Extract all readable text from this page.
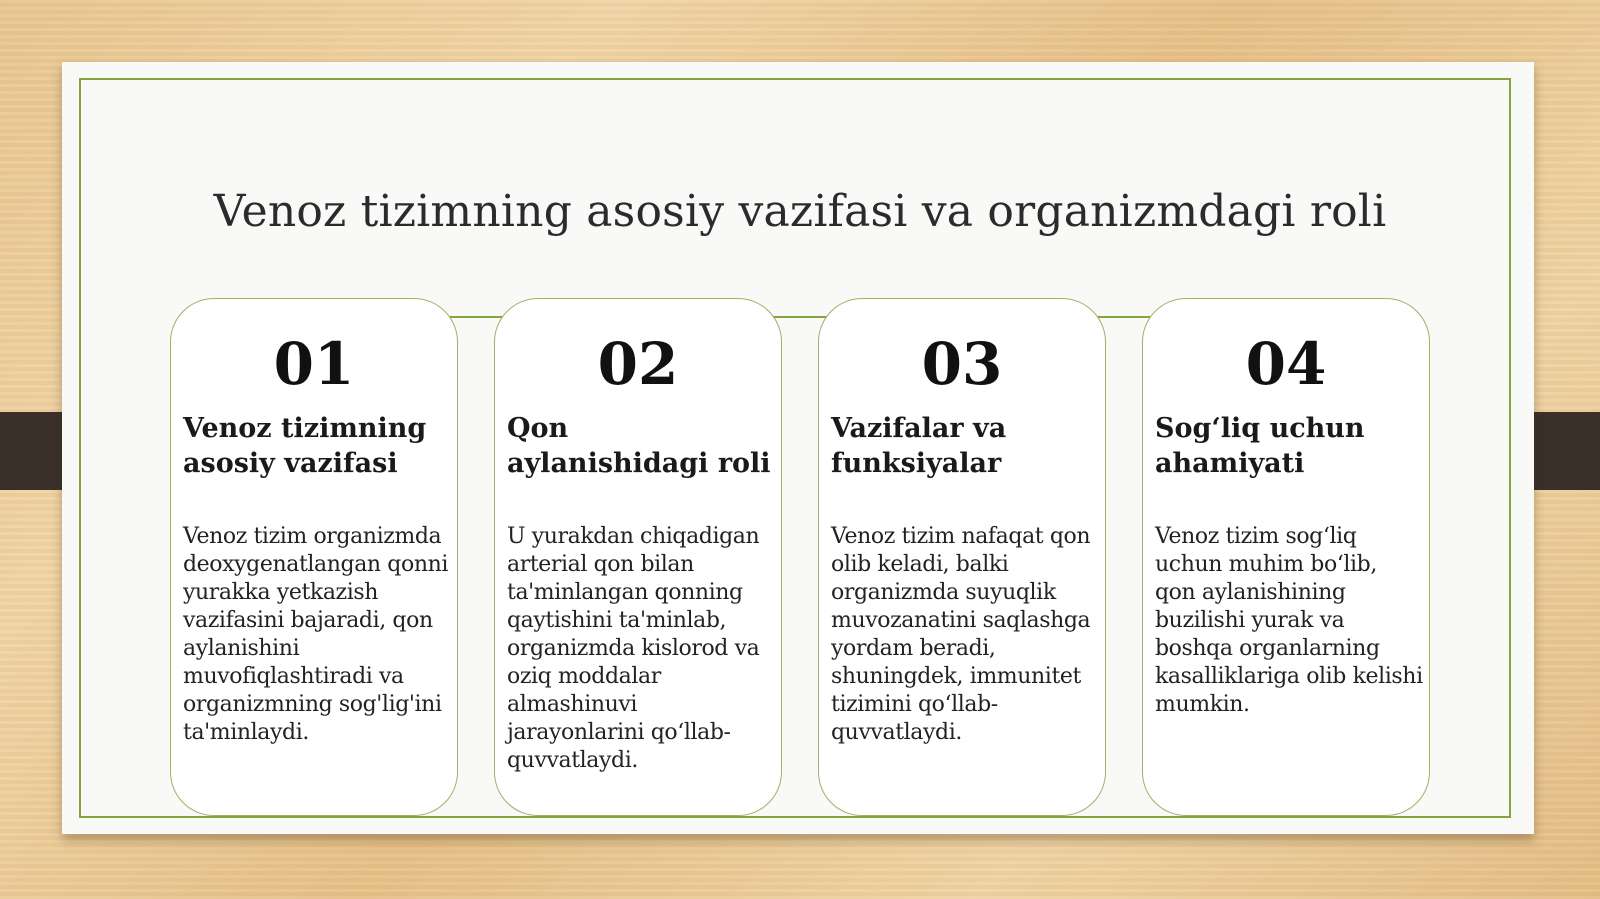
Venoz tizimning asosiy vazifasi va organizmdagi roli
01
Venoz tizimning asosiy vazifasi
Venoz tizim organizmda deoxygenatlangan qonni yurakka yetkazish vazifasini bajaradi, qon aylanishini muvofiqlashtiradi va organizmning sog'lig'ini ta'minlaydi.
02
Qon aylanishidagi roli
U yurakdan chiqadigan arterial qon bilan ta'minlangan qonning qaytishini ta'minlab, organizmda kislorod va oziq moddalar almashinuvi jarayonlarini qo‘llab-quvvatlaydi.
03
Vazifalar va funksiyalar
Venoz tizim nafaqat qon olib keladi, balki organizmda suyuqlik muvozanatini saqlashga yordam beradi, shuningdek, immunitet tizimini qo‘llab-quvvatlaydi.
04
Sog‘liq uchun ahamiyati
Venoz tizim sog‘liq uchun muhim bo‘lib, qon aylanishining buzilishi yurak va boshqa organlarning kasalliklariga olib kelishi mumkin.
